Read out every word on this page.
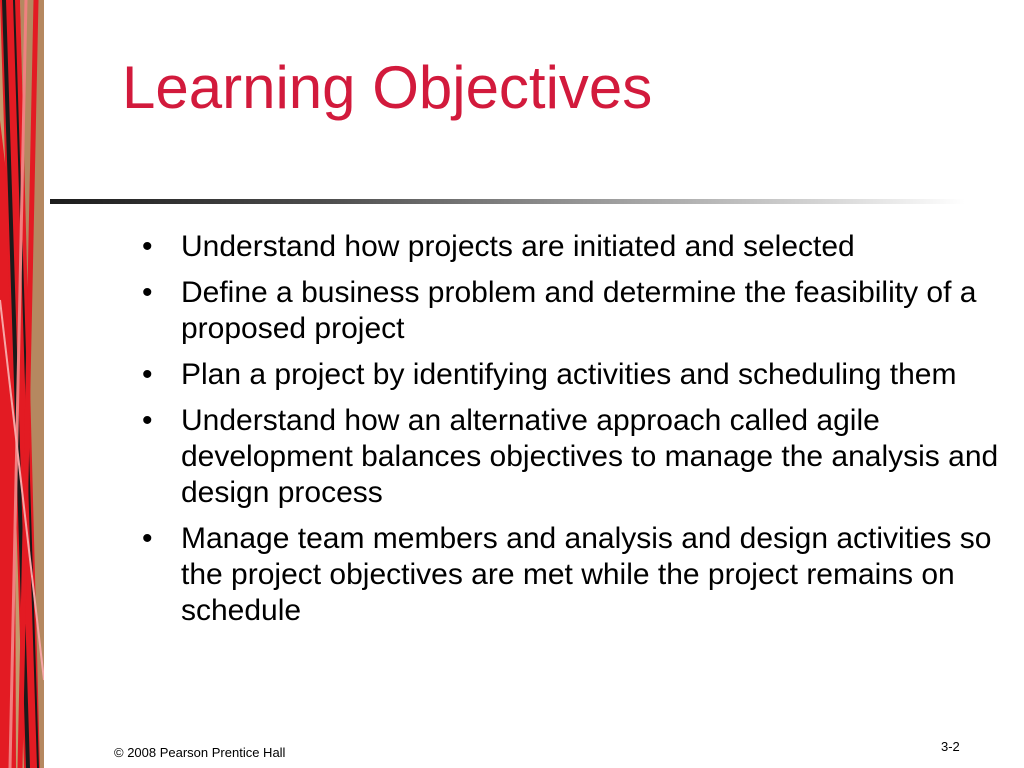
Learning Objectives
• Understand how projects are initiated and selected
• Define a business problem and determine the feasibility of a proposed project
• Plan a project by identifying activities and scheduling them
• Understand how an alternative approach called agile development balances objectives to manage the analysis and design process
• Manage team members and analysis and design activities so the project objectives are met while the project remains on schedule
© 2008 Pearson Prentice Hall	3-2
